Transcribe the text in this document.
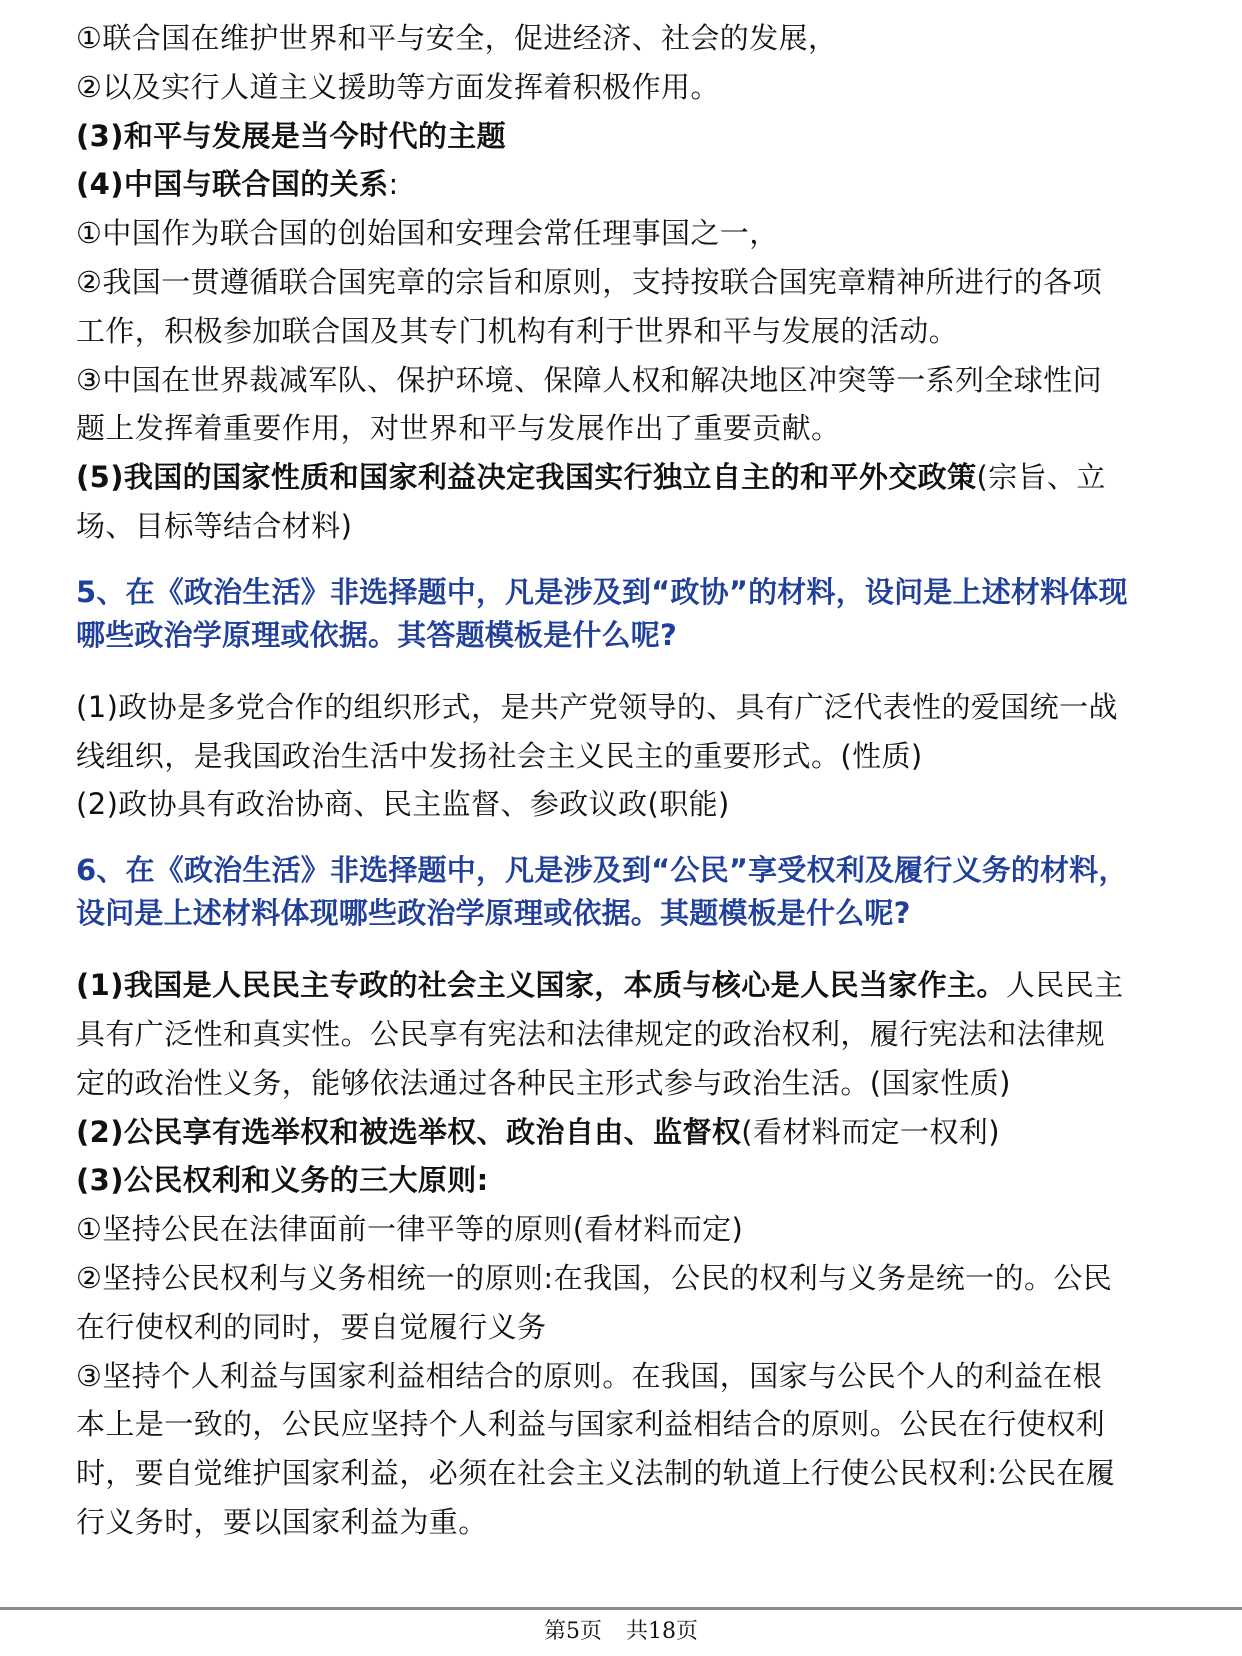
①联合国在维护世界和平与安全，促进经济、社会的发展，
②以及实行人道主义援助等方面发挥着积极作用。
(3)和平与发展是当今时代的主题
(4)中国与联合国的关系:
①中国作为联合国的创始国和安理会常任理事国之一，
②我国一贯遵循联合国宪章的宗旨和原则，支持按联合国宪章精神所进行的各项
工作，积极参加联合国及其专门机构有利于世界和平与发展的活动。
③中国在世界裁减军队、保护环境、保障人权和解决地区冲突等一系列全球性问
题上发挥着重要作用，对世界和平与发展作出了重要贡献。
(5)我国的国家性质和国家利益决定我国实行独立自主的和平外交政策(宗旨、立
场、目标等结合材料)
5、在《政治生活》非选择题中，凡是涉及到“政协”的材料，设问是上述材料体现
哪些政治学原理或依据。其答题模板是什么呢?
(1)政协是多党合作的组织形式，是共产党领导的、具有广泛代表性的爱国统一战
线组织，是我国政治生活中发扬社会主义民主的重要形式。(性质)
(2)政协具有政治协商、民主监督、参政议政(职能)
6、在《政治生活》非选择题中，凡是涉及到“公民”享受权利及履行义务的材料，
设问是上述材料体现哪些政治学原理或依据。其题模板是什么呢?
(1)我国是人民民主专政的社会主义国家，本质与核心是人民当家作主。人民民主
具有广泛性和真实性。公民享有宪法和法律规定的政治权利，履行宪法和法律规
定的政治性义务，能够依法通过各种民主形式参与政治生活。(国家性质)
(2)公民享有选举权和被选举权、政治自由、监督权(看材料而定一权利)
(3)公民权利和义务的三大原则:
①坚持公民在法律面前一律平等的原则(看材料而定)
②坚持公民权利与义务相统一的原则:在我国，公民的权利与义务是统一的。公民
在行使权利的同时，要自觉履行义务
③坚持个人利益与国家利益相结合的原则。在我国，国家与公民个人的利益在根
本上是一致的，公民应坚持个人利益与国家利益相结合的原则。公民在行使权利
时，要自觉维护国家利益，必须在社会主义法制的轨道上行使公民权利:公民在履
行义务时，要以国家利益为重。
第5页 共18页
